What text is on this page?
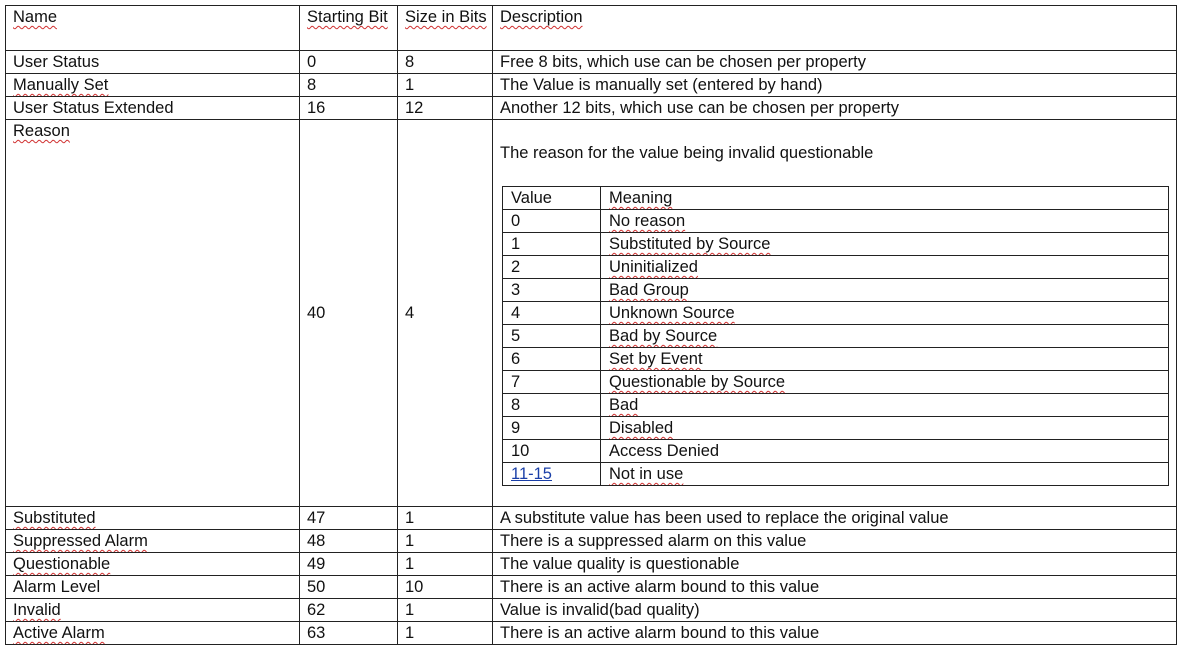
Name	Starting Bit	Size in Bits	Description
User Status	0	8	Free 8 bits, which use can be chosen per property
Manually Set	8	1	The Value is manually set (entered by hand)
User Status Extended	16	12	Another 12 bits, which use can be chosen per property
Reason	40	4	
The reason for the value being invalid questionable
Value	Meaning
0	No reason
1	Substituted by Source
2	Uninitialized
3	Bad Group
4	Unknown Source
5	Bad by Source
6	Set by Event
7	Questionable by Source
8	Bad
9	Disabled
10	Access Denied
11-15	Not in use

Substituted	47	1	A substitute value has been used to replace the original value
Suppressed Alarm	48	1	There is a suppressed alarm on this value
Questionable	49	1	The value quality is questionable
Alarm Level	50	10	There is an active alarm bound to this value
Invalid	62	1	Value is invalid(bad quality)
Active Alarm	63	1	There is an active alarm bound to this value
